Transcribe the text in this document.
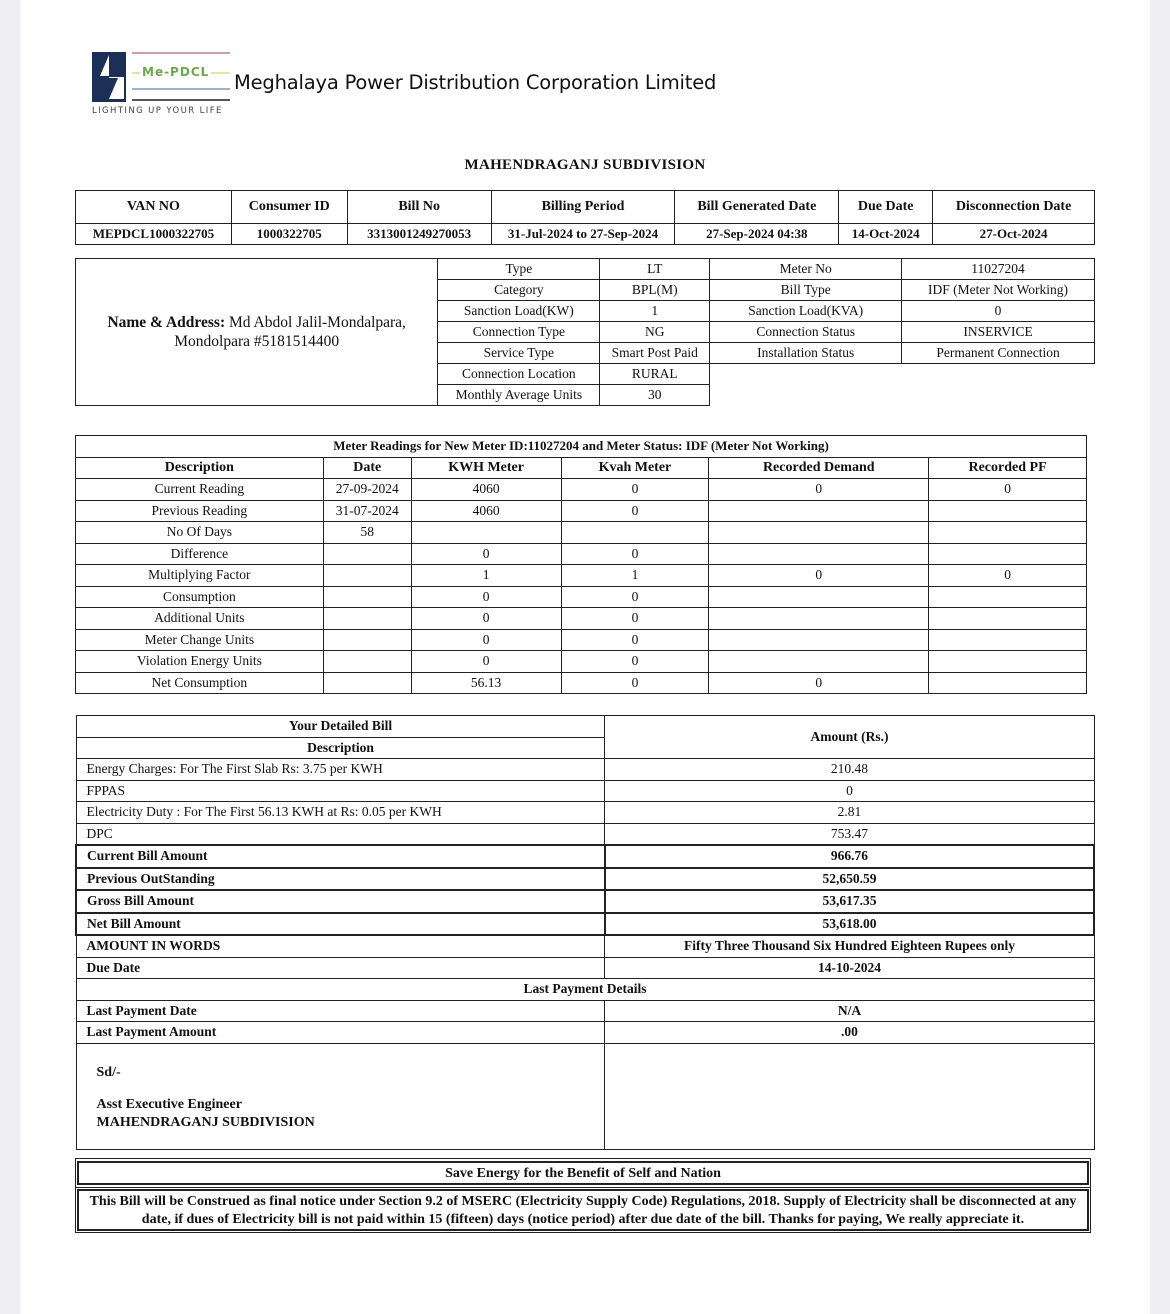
Me-PDCL
LIGHTING UP YOUR LIFE
Meghalaya Power Distribution Corporation Limited
MAHENDRAGANJ SUBDIVISION
VAN NO	Consumer ID	Bill No	Billing Period	Bill Generated Date	Due Date	Disconnection Date
MEPDCL1000322705	1000322705	3313001249270053	31-Jul-2024 to 27-Sep-2024	27-Sep-2024 04:38	14-Oct-2024	27-Oct-2024
Name & Address: Md Abdol Jalil-Mondalpara, Mondolpara #5181514400	Type	LT	Meter No	11027204
	Category	BPL(M)	Bill Type	IDF (Meter Not Working)
	Sanction Load(KW)	1	Sanction Load(KVA)	0
	Connection Type	NG	Connection Status	INSERVICE
	Service Type	Smart Post Paid	Installation Status	Permanent Connection
	Connection Location	RURAL		
	Monthly Average Units	30		
Meter Readings for New Meter ID:11027204 and Meter Status: IDF (Meter Not Working)					
Description	Date	KWH Meter	Kvah Meter	Recorded Demand	Recorded PF
Current Reading	27-09-2024	4060	0	0	0
Previous Reading	31-07-2024	4060	0		
No Of Days	58				
Difference		0	0		
Multiplying Factor		1	1	0	0
Consumption		0	0		
Additional Units		0	0		
Meter Change Units		0	0		
Violation Energy Units		0	0		
Net Consumption		56.13	0	0	
Your Detailed Bill	Amount (Rs.)
Description	
Energy Charges: For The First Slab Rs: 3.75 per KWH	210.48
FPPAS	0
Electricity Duty : For The First 56.13 KWH at Rs: 0.05 per KWH	2.81
DPC	753.47
Current Bill Amount	966.76
Previous OutStanding	52,650.59
Gross Bill Amount	53,617.35
Net Bill Amount	53,618.00
AMOUNT IN WORDS	Fifty Three Thousand Six Hundred Eighteen Rupees only
Due Date	14-10-2024
Last Payment Details	
Last Payment Date	N/A
Last Payment Amount	.00

Sd/-
Asst Executive Engineer
MAHENDRAGANJ SUBDIVISION	

Save Energy for the Benefit of Self and Nation
This Bill will be Construed as final notice under Section 9.2 of MSERC (Electricity Supply Code) Regulations, 2018. Supply of Electricity shall be disconnected at any date, if dues of Electricity bill is not paid within 15 (fifteen) days (notice period) after due date of the bill. Thanks for paying, We really appreciate it.
